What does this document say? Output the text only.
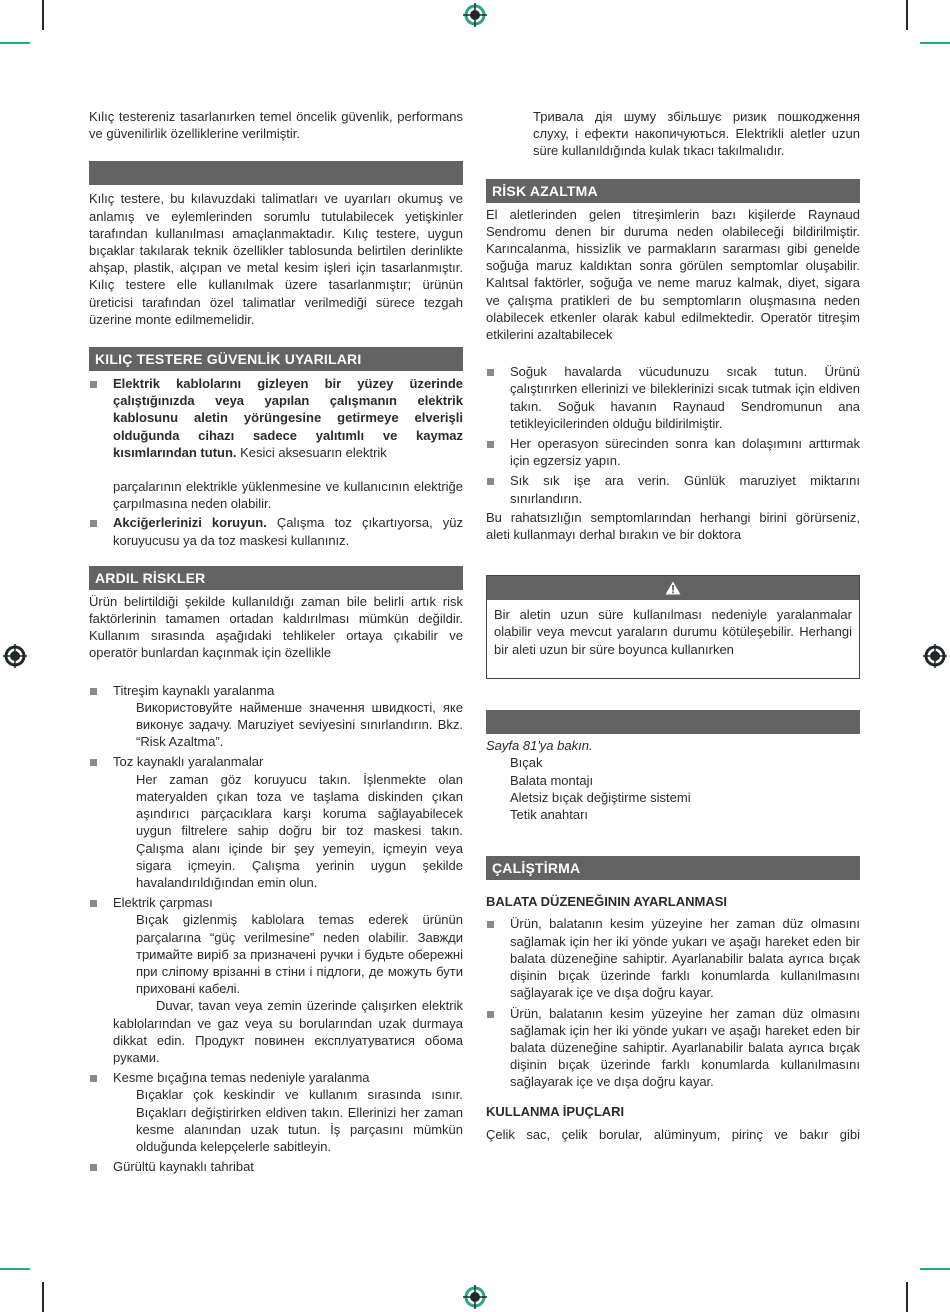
Kılıç testereniz tasarlanırken temel öncelik güvenlik, performans ve güvenilirlik özelliklerine verilmiştir.

Kılıç testere, bu kılavuzdaki talimatları ve uyarıları okumuş ve anlamış ve eylemlerinden sorumlu tutulabilecek yetişkinler tarafından kullanılması amaçlanmaktadır. Kılıç testere, uygun bıçaklar takılarak teknik özellikler tablosunda belirtilen derinlikte ahşap, plastik, alçıpan ve metal kesim işleri için tasarlanmıştır. Kılıç testere elle kullanılmak üzere tasarlanmıştır; ürünün üreticisi tarafından özel talimatlar verilmediği sürece tezgah üzerine monte edilmemelidir.

KILIÇ TESTERE GÜVENLİK UYARILARI
Elektrik kablolarını gizleyen bir yüzey üzerinde çalıştığınızda veya yapılan çalışmanın elektrik kablosunu aletin yörüngesine getirmeye elverişli olduğunda cihazı sadece yalıtımlı ve kaymaz kısımlarından tutun. Kesici aksesuarın elektrik

parçalarının elektrikle yüklenmesine ve kullanıcının elektriğe çarpılmasına neden olabilir.

Akciğerlerinizi koruyun. Çalışma toz çıkartıyorsa, yüz koruyucusu ya da toz maskesi kullanınız.
ARDIL RİSKLER

Ürün belirtildiği şekilde kullanıldığı zaman bile belirli artık risk faktörlerinin tamamen ortadan kaldırılması mümkün değildir. Kullanım sırasında aşağıdaki tehlikeler ortaya çıkabilir ve operatör bunlardan kaçınmak için özellikle

Titreşim kaynaklı yaralanma

Використовуйте найменше значення швидкості, яке виконує задачу. Maruziyet seviyesini sınırlandırın. Bkz. “Risk Azaltma”.

Toz kaynaklı yaralanmalar

Her zaman göz koruyucu takın. İşlenmekte olan materyalden çıkan toza ve taşlama diskinden çıkan aşındırıcı parçacıklara karşı koruma sağlayabilecek uygun filtrelere sahip doğru bir toz maskesi takın. Çalışma alanı içinde bir şey yemeyin, içmeyin veya sigara içmeyin. Çalışma yerinin uygun şekilde havalandırıldığından emin olun.

Elektrik çarpması

Bıçak gizlenmiş kablolara temas ederek ürünün parçalarına “güç verilmesine” neden olabilir. Завжди тримайте виріб за призначені ручки і будьте обережні при сліпому врізанні в стіни і підлоги, де можуть бути приховані кабелі.

Duvar, tavan veya zemin üzerinde çalışırken elektrik kablolarından ve gaz veya su borularından uzak durmaya dikkat edin. Продукт повинен експлуатуватися обома руками.

Kesme bıçağına temas nedeniyle yaralanma

Bıçaklar çok keskindir ve kullanım sırasında ısınır. Bıçakları değiştirirken eldiven takın. Ellerinizi her zaman kesme alanından uzak tutun. İş parçasını mümkün olduğunda kelepçelerle sabitleyin.

Gürültü kaynaklı tahribat

Тривала дія шуму збільшує ризик пошкодження слуху, і ефекти накопичуються. Elektrikli aletler uzun süre kullanıldığında kulak tıkacı takılmalıdır.

RİSK AZALTMA

El aletlerinden gelen titreşimlerin bazı kişilerde Raynaud Sendromu denen bir duruma neden olabileceği bildirilmiştir. Karıncalanma, hissizlik ve parmakların sararması gibi genelde soğuğa maruz kaldıktan sonra görülen semptomlar oluşabilir. Kalıtsal faktörler, soğuğa ve neme maruz kalmak, diyet, sigara ve çalışma pratikleri de bu semptomların oluşmasına neden olabilecek etkenler olarak kabul edilmektedir. Operatör titreşim etkilerini azaltabilecek

Soğuk havalarda vücudunuzu sıcak tutun. Ürünü çalıştırırken ellerinizi ve bileklerinizi sıcak tutmak için eldiven takın. Soğuk havanın Raynaud Sendromunun ana tetikleyicilerinden olduğu bildirilmiştir.
Her operasyon sürecinden sonra kan dolaşımını arttırmak için egzersiz yapın.
Sık sık işe ara verin. Günlük maruziyet miktarını sınırlandırın.

Bu rahatsızlığın semptomlarından herhangi birini görürseniz, aleti kullanmayı derhal bırakın ve bir doktora

Bir aletin uzun süre kullanılması nedeniyle yaralanmalar olabilir veya mevcut yaraların durumu kötüleşebilir. Herhangi bir aleti uzun bir süre boyunca kullanırken

Sayfa 81'ya bakın.

Bıçak
Balata montajı
Aletsiz bıçak değiştirme sistemi
Tetik anahtarı
ÇALİŞTİRMA
BALATA DÜZENEĞININ AYARLANMASI
Ürün, balatanın kesim yüzeyine her zaman düz olmasını sağlamak için her iki yönde yukarı ve aşağı hareket eden bir balata düzeneğine sahiptir. Ayarlanabilir balata ayrıca bıçak dişinin bıçak üzerinde farklı konumlarda kullanılmasını sağlayarak içe ve dışa doğru kayar.
Ürün, balatanın kesim yüzeyine her zaman düz olmasını sağlamak için her iki yönde yukarı ve aşağı hareket eden bir balata düzeneğine sahiptir. Ayarlanabilir balata ayrıca bıçak dişinin bıçak üzerinde farklı konumlarda kullanılmasını sağlayarak içe ve dışa doğru kayar.
KULLANMA İPUÇLARI

Çelik sac, çelik borular, alüminyum, pirinç ve bakır gibi
